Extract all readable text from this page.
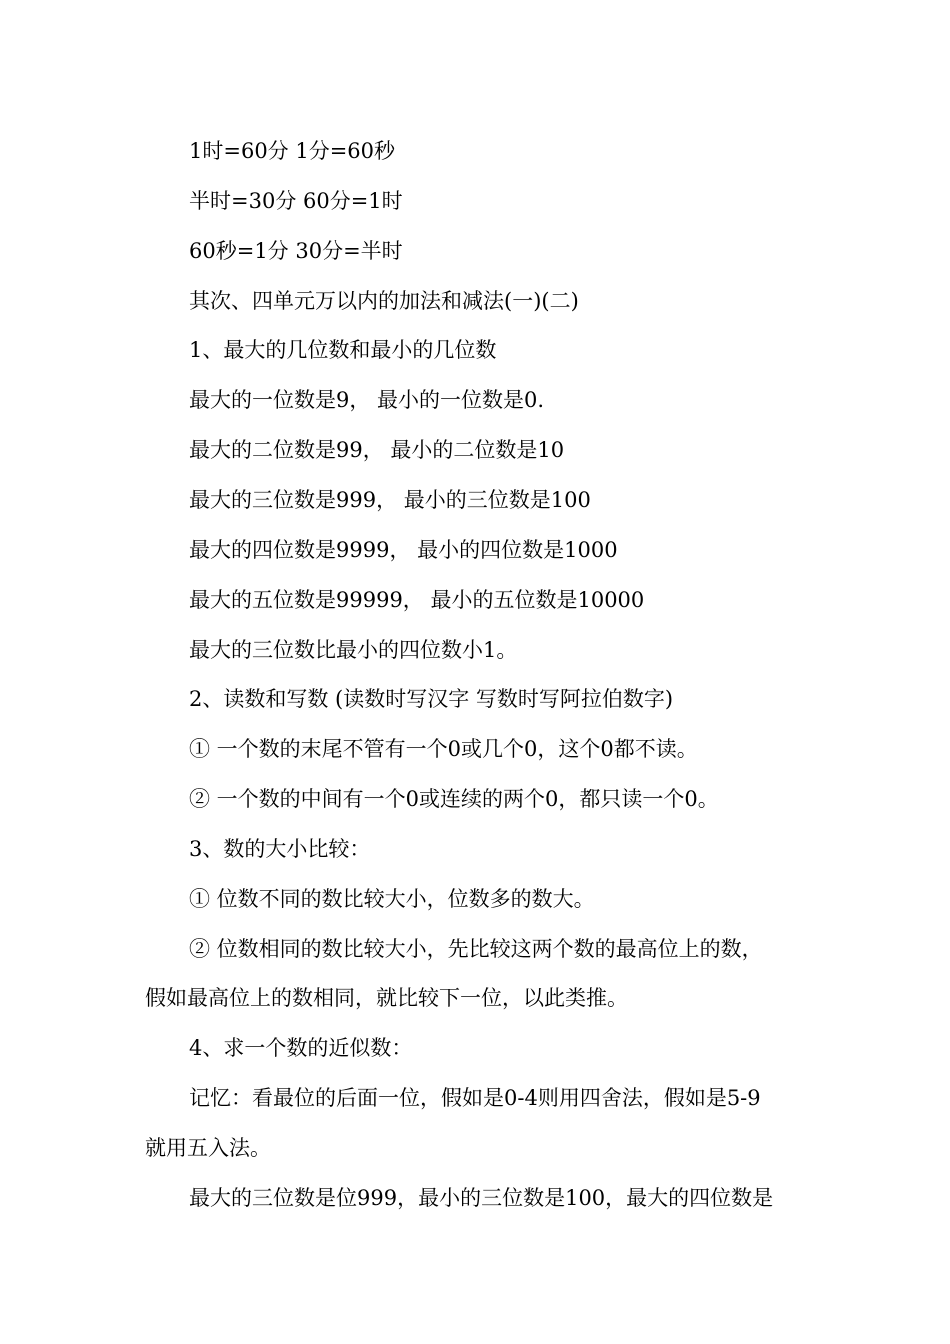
1时=60分 1分=60秒
半时=30分 60分=1时
60秒=1分 30分=半时
其次、四单元万以内的加法和减法(一)(二)
1、最大的几位数和最小的几位数
最大的一位数是9， 最小的一位数是0.
最大的二位数是99， 最小的二位数是10
最大的三位数是999， 最小的三位数是100
最大的四位数是9999， 最小的四位数是1000
最大的五位数是99999， 最小的五位数是10000
最大的三位数比最小的四位数小1。
2、读数和写数 (读数时写汉字 写数时写阿拉伯数字)
① 一个数的末尾不管有一个0或几个0，这个0都不读。
② 一个数的中间有一个0或连续的两个0，都只读一个0。
3、数的大小比较：
① 位数不同的数比较大小，位数多的数大。
② 位数相同的数比较大小，先比较这两个数的最高位上的数，
假如最高位上的数相同，就比较下一位，以此类推。
4、求一个数的近似数：
记忆：看最位的后面一位，假如是0-4则用四舍法，假如是5-9
就用五入法。
最大的三位数是位999，最小的三位数是100，最大的四位数是
